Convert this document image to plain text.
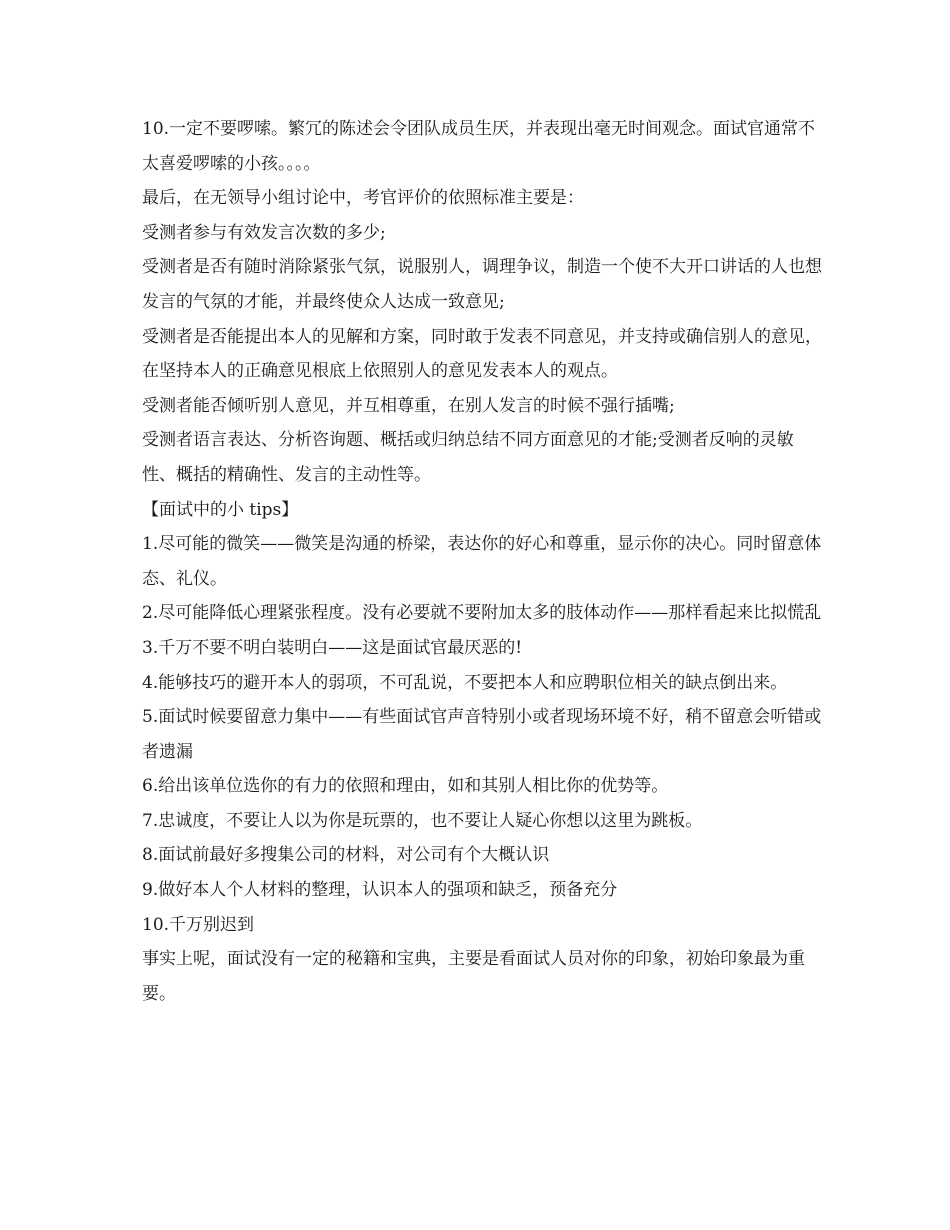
10.一定不要啰嗦。繁冗的陈述会令团队成员生厌，并表现出毫无时间观念。面试官通常不太喜爱啰嗦的小孩。。。。

最后，在无领导小组讨论中，考官评价的依照标准主要是：

受测者参与有效发言次数的多少;

受测者是否有随时消除紧张气氛，说服别人，调理争议，制造一个使不大开口讲话的人也想发言的气氛的才能，并最终使众人达成一致意见;

受测者是否能提出本人的见解和方案，同时敢于发表不同意见，并支持或确信别人的意见，在坚持本人的正确意见根底上依照别人的意见发表本人的观点。

受测者能否倾听别人意见，并互相尊重，在别人发言的时候不强行插嘴;

受测者语言表达、分析咨询题、概括或归纳总结不同方面意见的才能;受测者反响的灵敏性、概括的精确性、发言的主动性等。

【面试中的小 tips】

1.尽可能的微笑——微笑是沟通的桥梁，表达你的好心和尊重，显示你的决心。同时留意体态、礼仪。

2.尽可能降低心理紧张程度。没有必要就不要附加太多的肢体动作——那样看起来比拟慌乱

3.千万不要不明白装明白——这是面试官最厌恶的!

4.能够技巧的避开本人的弱项，不可乱说，不要把本人和应聘职位相关的缺点倒出来。

5.面试时候要留意力集中——有些面试官声音特别小或者现场环境不好，稍不留意会听错或者遗漏

6.给出该单位选你的有力的依照和理由，如和其别人相比你的优势等。

7.忠诚度，不要让人以为你是玩票的，也不要让人疑心你想以这里为跳板。

8.面试前最好多搜集公司的材料，对公司有个大概认识

9.做好本人个人材料的整理，认识本人的强项和缺乏，预备充分

10.千万别迟到

事实上呢，面试没有一定的秘籍和宝典，主要是看面试人员对你的印象，初始印象最为重要。
